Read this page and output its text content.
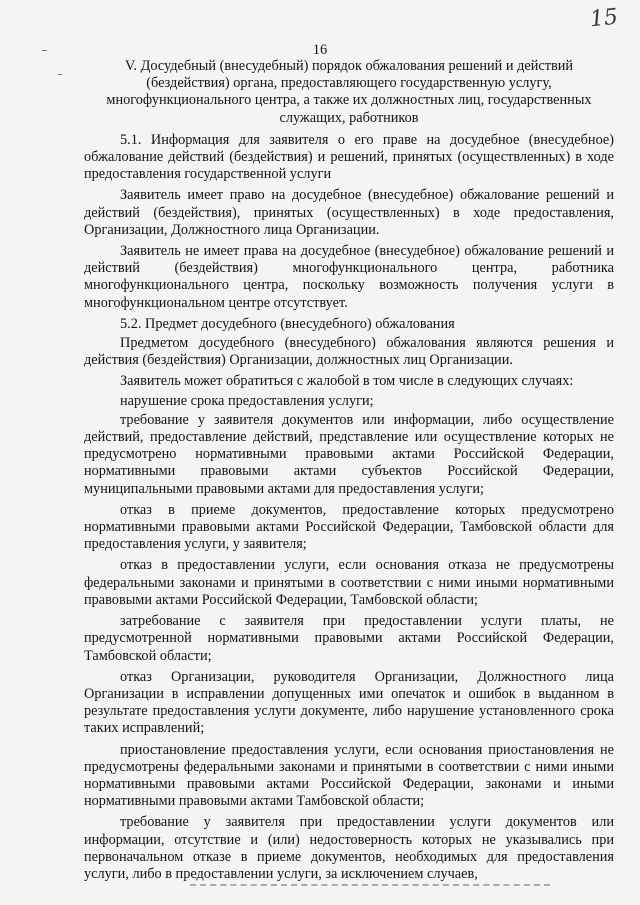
15
16
V. Досудебный (внесудебный) порядок обжалования решений и действий
(бездействия) органа, предоставляющего государственную услугу,
многофункционального центра, а также их должностных лиц, государственных
служащих, работников

5.1. Информация для заявителя о его праве на досудебное (внесудебное) обжалование действий (бездействия) и решений, принятых (осуществленных) в ходе предоставления государственной услуги

Заявитель имеет право на досудебное (внесудебное) обжалование решений и действий (бездействия), принятых (осуществленных) в ходе предоставления, Организации, Должностного лица Организации.

Заявитель не имеет права на досудебное (внесудебное) обжалование решений и действий (бездействия) многофункционального центра, работника многофункционального центра, поскольку возможность получения услуги в многофункциональном центре отсутствует.

5.2. Предмет досудебного (внесудебного) обжалования

Предметом досудебного (внесудебного) обжалования являются решения и действия (бездействия) Организации, должностных лиц Организации.

Заявитель может обратиться с жалобой в том числе в следующих случаях:

нарушение срока предоставления услуги;

требование у заявителя документов или информации, либо осуществление действий, предоставление действий, представление или осуществление которых не предусмотрено нормативными правовыми актами Российской Федерации, нормативными правовыми актами субъектов Российской Федерации, муниципальными правовыми актами для предоставления услуги;

отказ в приеме документов, предоставление которых предусмотрено нормативными правовыми актами Российской Федерации, Тамбовской области для предоставления услуги, у заявителя;

отказ в предоставлении услуги, если основания отказа не предусмотрены федеральными законами и принятыми в соответствии с ними иными нормативными правовыми актами Российской Федерации, Тамбовской области;

затребование с заявителя при предоставлении услуги платы, не предусмотренной нормативными правовыми актами Российской Федерации, Тамбовской области;

отказ Организации, руководителя Организации, Должностного лица Организации в исправлении допущенных ими опечаток и ошибок в выданном в результате предоставления услуги документе, либо нарушение установленного срока таких исправлений;

приостановление предоставления услуги, если основания приостановления не предусмотрены федеральными законами и принятыми в соответствии с ними иными нормативными правовыми актами Российской Федерации, законами и иными нормативными правовыми актами Тамбовской области;

требование у заявителя при предоставлении услуги документов или информации, отсутствие и (или) недостоверность которых не указывались при первоначальном отказе в приеме документов, необходимых для предоставления услуги, либо в предоставлении услуги, за исключением случаев,
